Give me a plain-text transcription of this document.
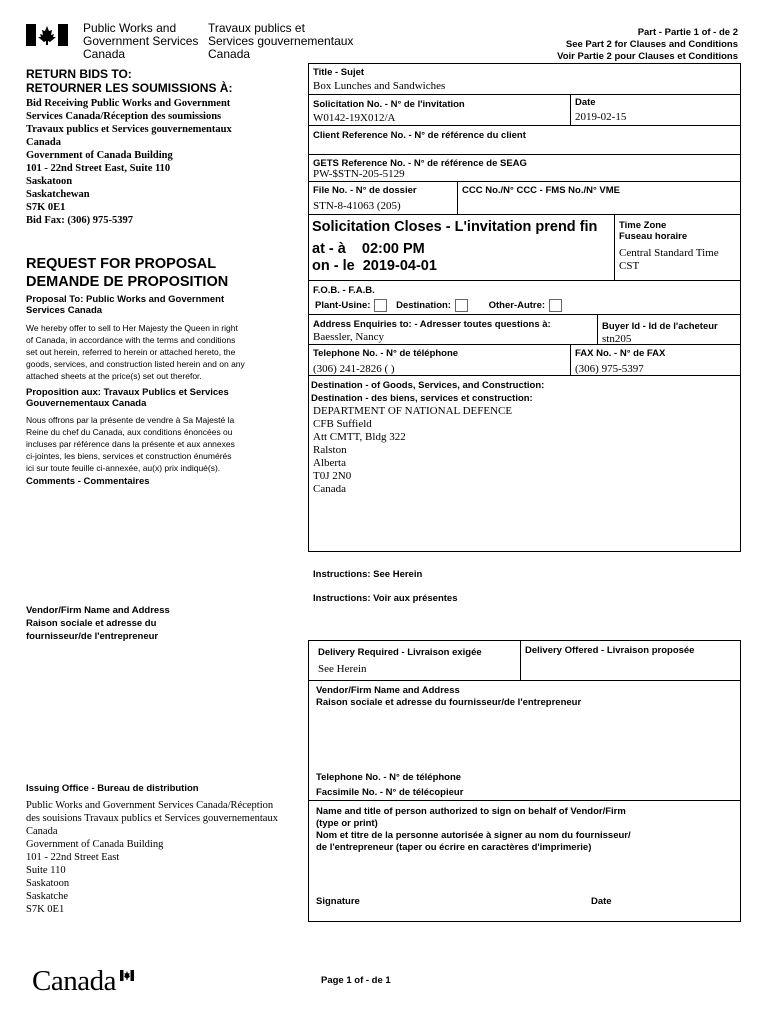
Public Works and
Government Services
Canada
Travaux publics et
Services gouvernementaux
Canada
Part - Partie 1 of - de 2
See Part 2 for Clauses and Conditions
Voir Partie 2 pour Clauses et Conditions
RETURN BIDS TO:
RETOURNER LES SOUMISSIONS À:
Bid Receiving Public Works and Government
Services Canada/Réception des soumissions
Travaux publics et Services gouvernementaux
Canada
Government of Canada Building
101 - 22nd Street East, Suite 110
Saskatoon
Saskatchewan
S7K 0E1
Bid Fax: (306) 975-5397
REQUEST FOR PROPOSAL
DEMANDE DE PROPOSITION
Proposal To: Public Works and Government
Services Canada
We hereby offer to sell to Her Majesty the Queen in right
of Canada, in accordance with the terms and conditions
set out herein, referred to herein or attached hereto, the
goods, services, and construction listed herein and on any
attached sheets at the price(s) set out therefor.
Proposition aux: Travaux Publics et Services
Gouvernementaux Canada
Nous offrons par la présente de vendre à Sa Majesté la
Reine du chef du Canada, aux conditions énoncées ou
incluses par référence dans la présente et aux annexes
ci-jointes, les biens, services et construction énumérés
ici sur toute feuille ci-annexée, au(x) prix indiqué(s).
Comments - Commentaires
Vendor/Firm Name and Address
Raison sociale et adresse du
fournisseur/de l'entrepreneur
Issuing Office - Bureau de distribution
Public Works and Government Services Canada/Réception
des souisions Travaux publics et Services gouvernementaux
Canada
Government of Canada Building
101 - 22nd Street East
Suite 110
Saskatoon
Saskatche
S7K 0E1
Title - Sujet
Box Lunches and Sandwiches
Solicitation No. - N° de l'invitation
W0142-19X012/A
Date
2019-02-15
Client Reference No. - N° de référence du client
GETS Reference No. - N° de référence de SEAG
PW-$STN-205-5129
File No. - N° de dossier
STN-8-41063 (205)
CCC No./N° CCC - FMS No./N° VME
Solicitation Closes - L'invitation prend fin
at - à 02:00 PM
on - le 2019-04-01
Time Zone
Fuseau horaire
Central Standard Time
CST
F.O.B. - F.A.B.
Plant-Usine:	Destination:	Other-Autre:
Address Enquiries to: - Adresser toutes questions à:
Baessler, Nancy
Buyer Id - Id de l'acheteur
stn205
Telephone No. - N° de téléphone
(306) 241-2826 ( )
FAX No. - N° de FAX
(306) 975-5397
Destination - of Goods, Services, and Construction:
Destination - des biens, services et construction:
DEPARTMENT OF NATIONAL DEFENCE
CFB Suffield
Att CMTT, Bldg 322
Ralston
Alberta
T0J 2N0
Canada
Instructions: See Herein
Instructions: Voir aux présentes
Delivery Required - Livraison exigée
See Herein
Delivery Offered - Livraison proposée
Vendor/Firm Name and Address
Raison sociale et adresse du fournisseur/de l'entrepreneur
Telephone No. - N° de téléphone
Facsimile No. - N° de télécopieur
Name and title of person authorized to sign on behalf of Vendor/Firm
(type or print)
Nom et titre de la personne autorisée à signer au nom du fournisseur/
de l'entrepreneur (taper ou écrire en caractères d'imprimerie)
Signature	Date
Canada	Page 1 of - de 1
